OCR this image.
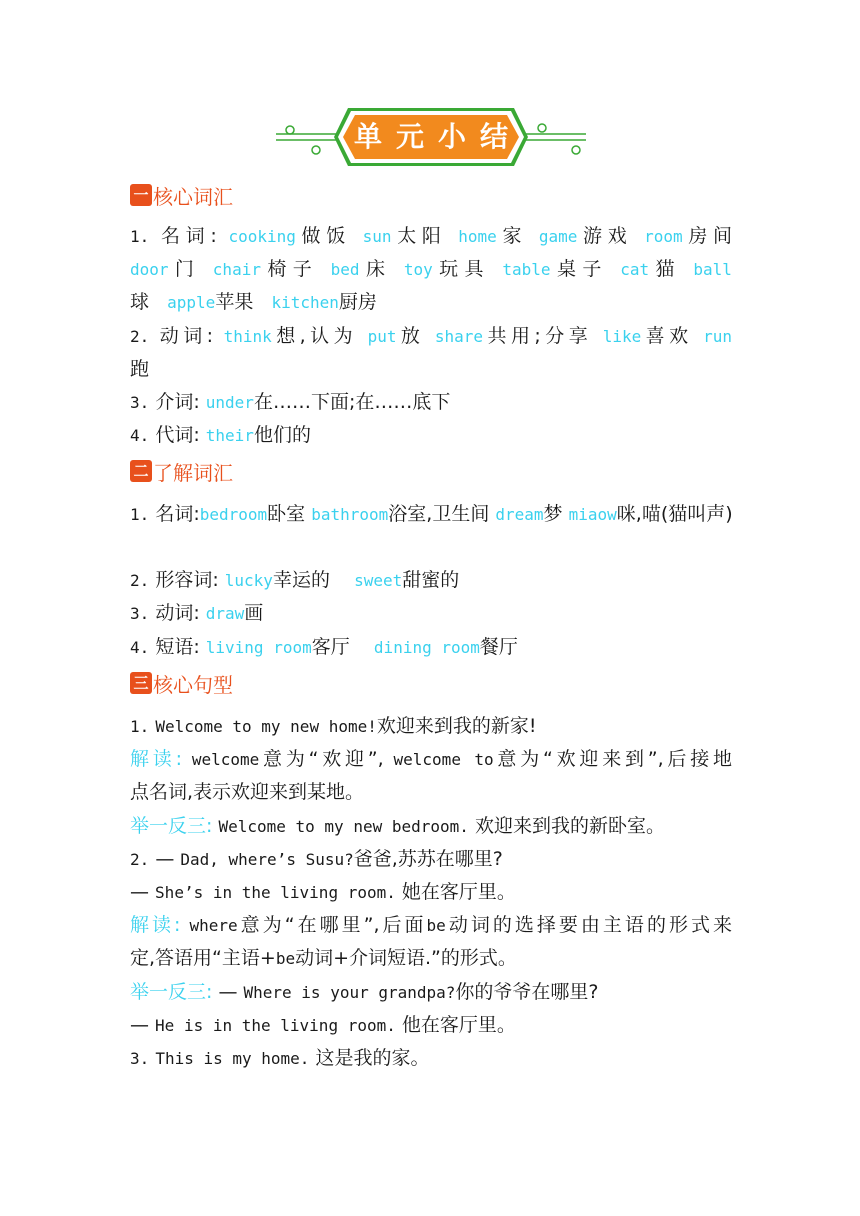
单元小结
一 核心词汇
1. 名词: cooking做饭 sun太阳 home家 game游戏 room房间
door门 chair椅子 bed床 toy玩具 table桌子 cat猫 ball
球 apple苹果 kitchen厨房
2. 动词: think想,认为 put放 share共用;分享 like喜欢 run
跑
3. 介词: under在……下面;在……底下
4. 代词: their他们的
二 了解词汇
1. 名词:bedroom卧室 bathroom浴室,卫生间 dream梦 miaow咪,喵(猫叫声)
2. 形容词: lucky幸运的 sweet甜蜜的
3. 动词: draw画
4. 短语: living room客厅 dining room餐厅
三 核心句型
1. Welcome to my new home!欢迎来到我的新家!
解读: welcome意为“欢迎”, welcome to意为“欢迎来到”,后接地
点名词,表示欢迎来到某地。
举一反三: Welcome to my new bedroom. 欢迎来到我的新卧室。
2. — Dad, where’s Susu?爸爸,苏苏在哪里?
— She’s in the living room. 她在客厅里。
解读: where意为“在哪里”,后面be动词的选择要由主语的形式来
定,答语用“主语+be动词+介词短语.”的形式。
举一反三: — Where is your grandpa?你的爷爷在哪里?
— He is in the living room. 他在客厅里。
3. This is my home. 这是我的家。
